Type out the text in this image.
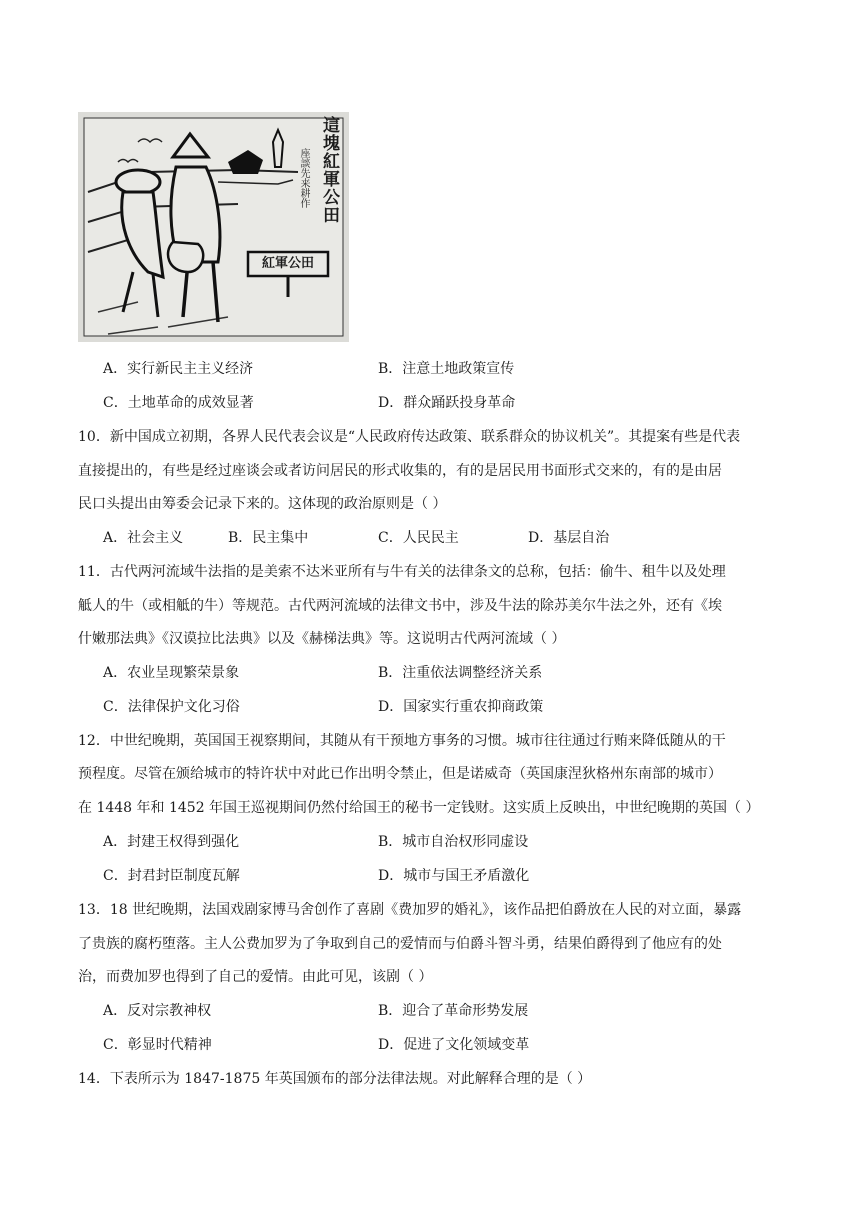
這塊紅軍公田
座談先来耕作
紅軍公田
A．实行新民主主义经济	B．注意土地政策宣传
C．土地革命的成效显著	D．群众踊跃投身革命
10．新中国成立初期，各界人民代表会议是“人民政府传达政策、联系群众的协议机关”。其提案有些是代表
直接提出的，有些是经过座谈会或者访问居民的形式收集的，有的是居民用书面形式交来的，有的是由居
民口头提出由筹委会记录下来的。这体现的政治原则是（ ）
A．社会主义	B．民主集中	C．人民民主	D．基层自治
11．古代两河流域牛法指的是美索不达米亚所有与牛有关的法律条文的总称，包括：偷牛、租牛以及处理
觝人的牛（或相觝的牛）等规范。古代两河流域的法律文书中，涉及牛法的除苏美尔牛法之外，还有《埃
什嫩那法典》《汉谟拉比法典》以及《赫梯法典》等。这说明古代两河流域（ ）
A．农业呈现繁荣景象	B．注重依法调整经济关系
C．法律保护文化习俗	D．国家实行重农抑商政策
12．中世纪晚期，英国国王视察期间，其随从有干预地方事务的习惯。城市往往通过行贿来降低随从的干
预程度。尽管在颁给城市的特许状中对此已作出明令禁止，但是诺威奇（英国康涅狄格州东南部的城市）
在 1448 年和 1452 年国王巡视期间仍然付给国王的秘书一定钱财。这实质上反映出，中世纪晚期的英国（ ）
A．封建王权得到强化	B．城市自治权形同虚设
C．封君封臣制度瓦解	D．城市与国王矛盾激化
13．18 世纪晚期，法国戏剧家博马舍创作了喜剧《费加罗的婚礼》，该作品把伯爵放在人民的对立面，暴露
了贵族的腐朽堕落。主人公费加罗为了争取到自己的爱情而与伯爵斗智斗勇，结果伯爵得到了他应有的处
治，而费加罗也得到了自己的爱情。由此可见，该剧（ ）
A．反对宗教神权	B．迎合了革命形势发展
C．彰显时代精神	D．促进了文化领域变革
14．下表所示为 1847-1875 年英国颁布的部分法律法规。对此解释合理的是（ ）
